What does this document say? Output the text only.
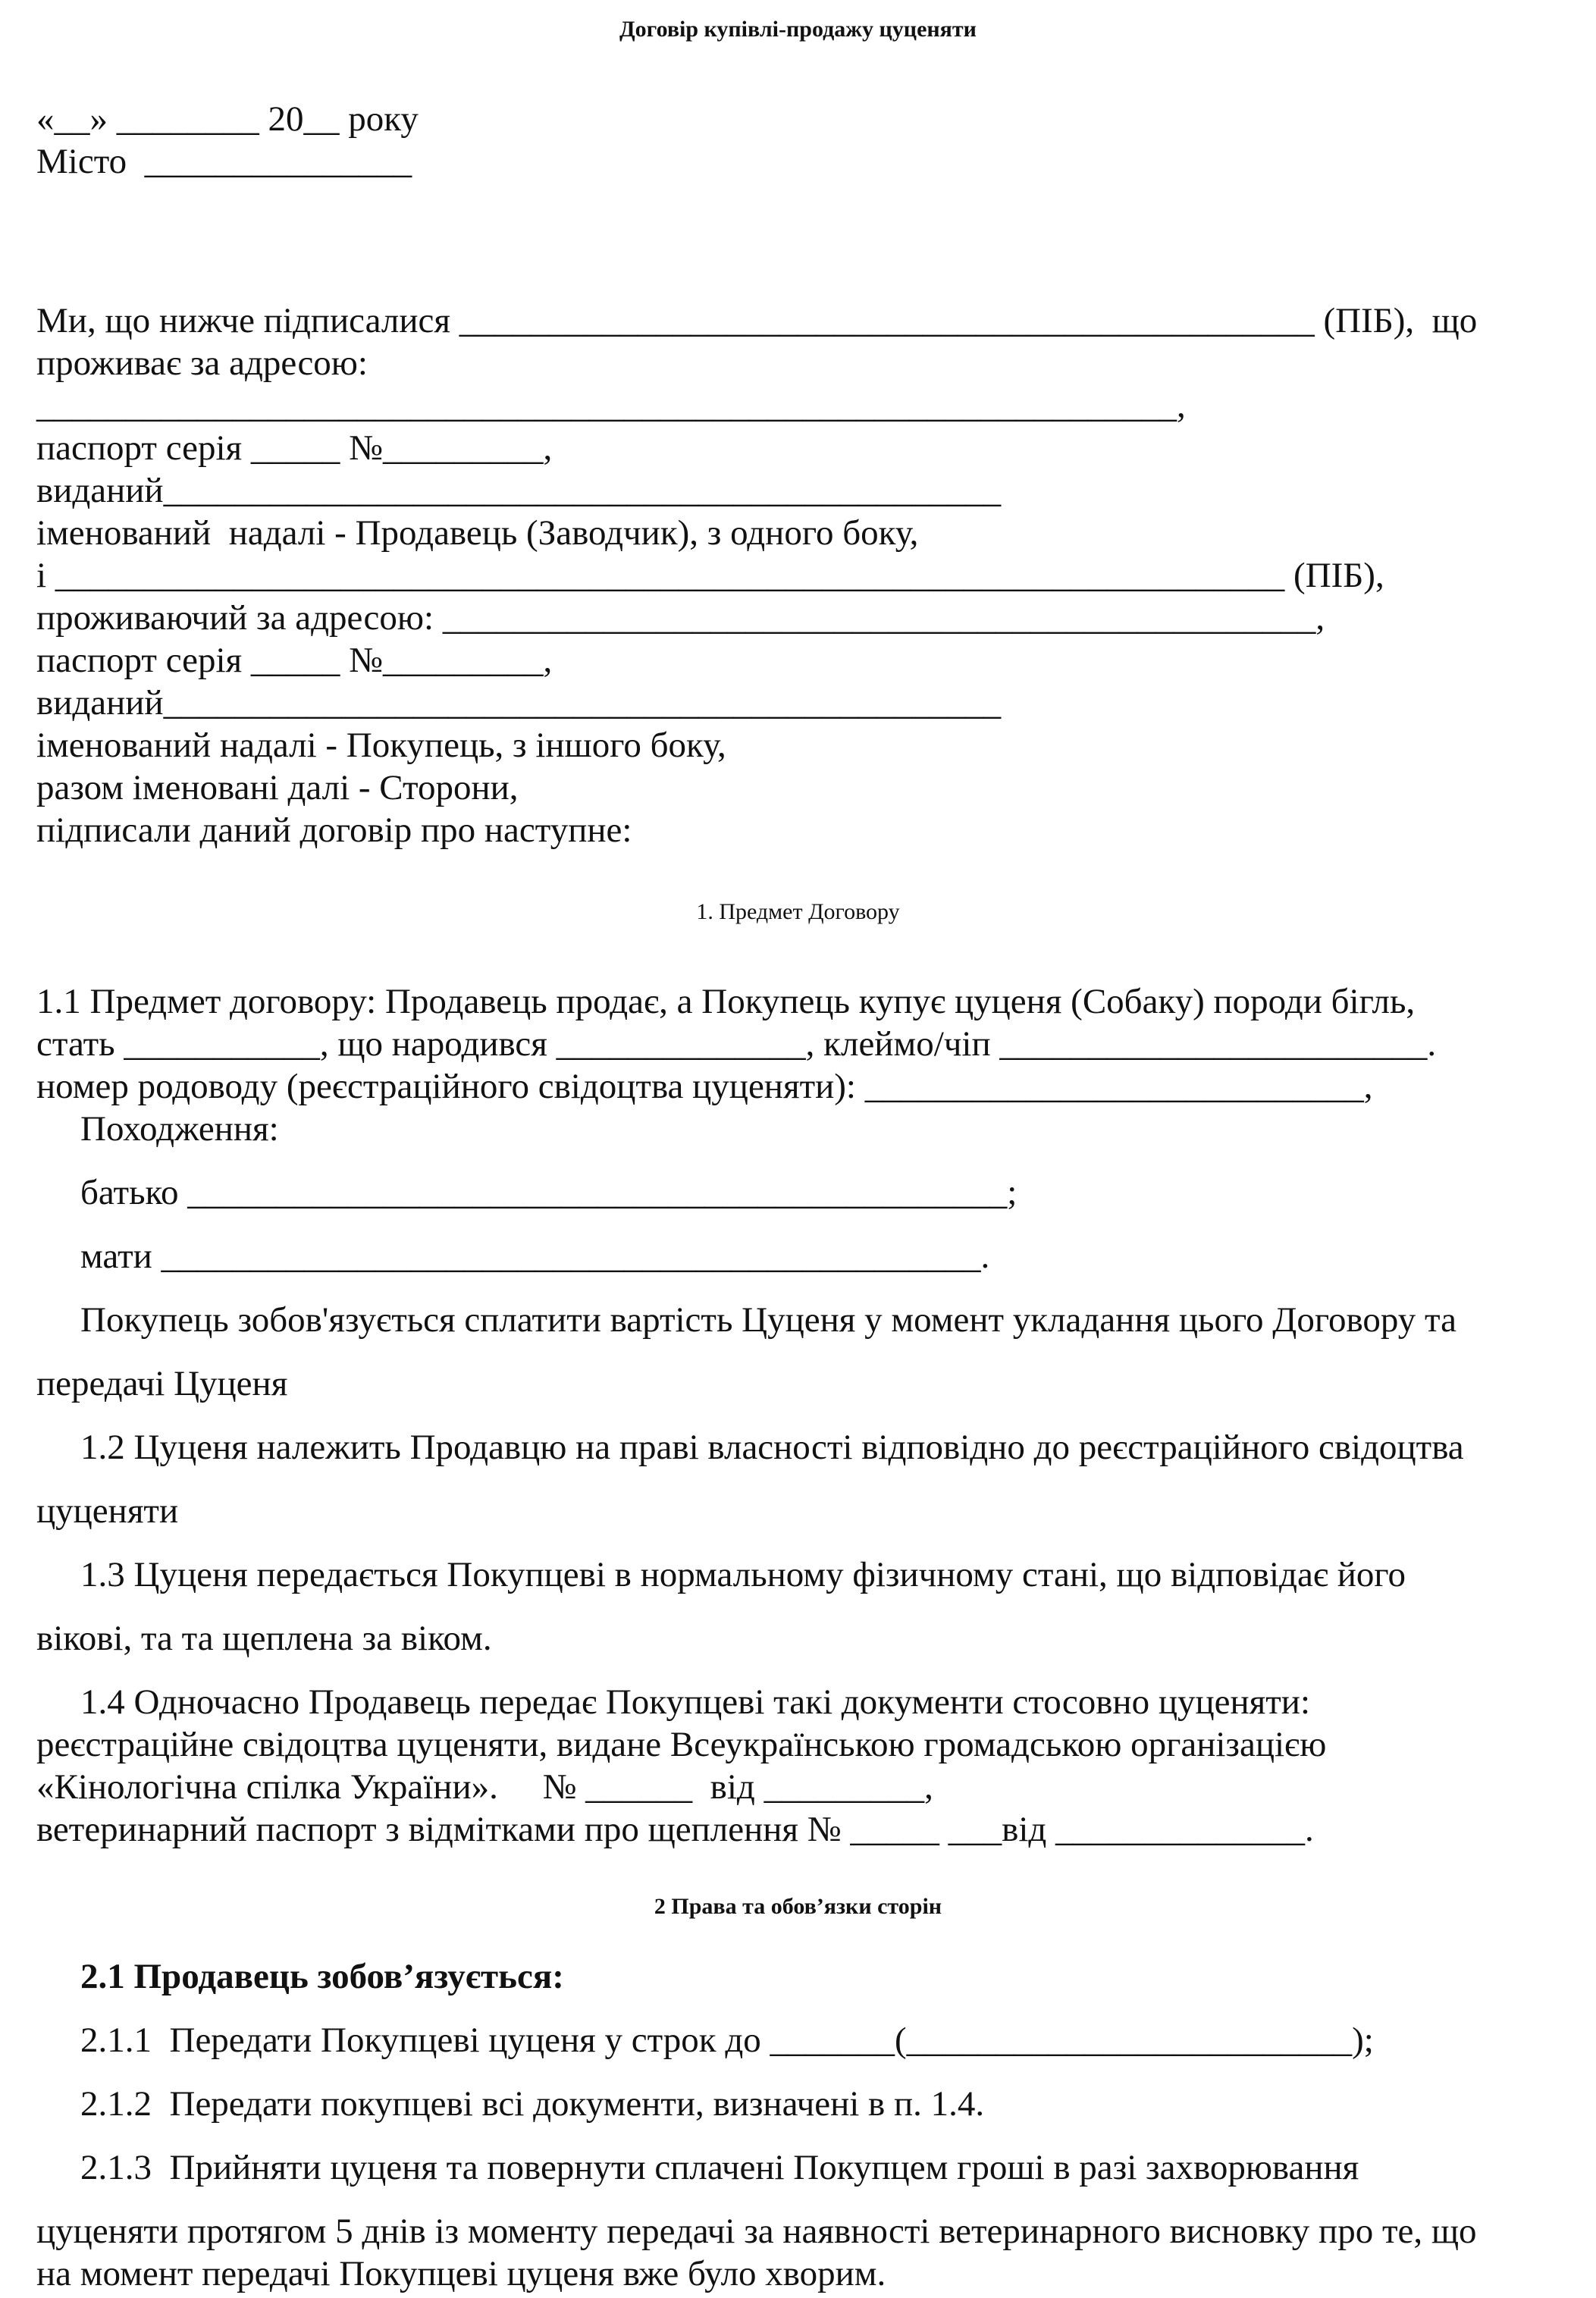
Договір купівлі-продажу цуценяти

«__» ________ 20__ року

Місто  _______________

Ми, що нижче підписалися ________________________________________________ (ПІБ),  що

проживає за адресою:

________________________________________________________________,

паспорт серія _____ №_________,

виданий_______________________________________________

іменований  надалі - Продавець (Заводчик), з одного боку,

і _____________________________________________________________________ (ПІБ),

проживаючий за адресою: _________________________________________________,

паспорт серія _____ №_________,

виданий_______________________________________________

іменований надалі - Покупець, з іншого боку,

разом іменовані далі - Сторони,

підписали даний договір про наступне:

1. Предмет Договору

1.1 Предмет договору: Продавець продає, а Покупець купує цуценя (Собаку) породи бігль,

стать ___________, що народився ______________, клеймо/чіп ________________________.

номер родоводу (реєстраційного свідоцтва цуценяти): ____________________________,

Походження:

батько ______________________________________________;

мати ______________________________________________.

Покупець зобов'язується сплатити вартість Цуценя у момент укладання цього Договору та

передачі Цуценя

1.2 Цуценя належить Продавцю на праві власності відповідно до реєстраційного свідоцтва

цуценяти

1.3 Цуценя передається Покупцеві в нормальному фізичному стані, що відповідає його

вікові, та та щеплена за віком.

1.4 Одночасно Продавець передає Покупцеві такі документи стосовно цуценяти:

реєстраційне свідоцтва цуценяти, видане Всеукраїнською громадською організацією

«Кінологічна спілка України».     № ______  від _________,

ветеринарний паспорт з відмітками про щеплення № _____ ___від ______________.

2 Права та обов’язки сторін

2.1 Продавець зобов’язується:

2.1.1  Передати Покупцеві цуценя у строк до _______(_________________________);

2.1.2  Передати покупцеві всі документи, визначені в п. 1.4.

2.1.3  Прийняти цуценя та повернути сплачені Покупцем гроші в разі захворювання

цуценяти протягом 5 днів із моменту передачі за наявності ветеринарного висновку про те, що

на момент передачі Покупцеві цуценя вже було хворим.
